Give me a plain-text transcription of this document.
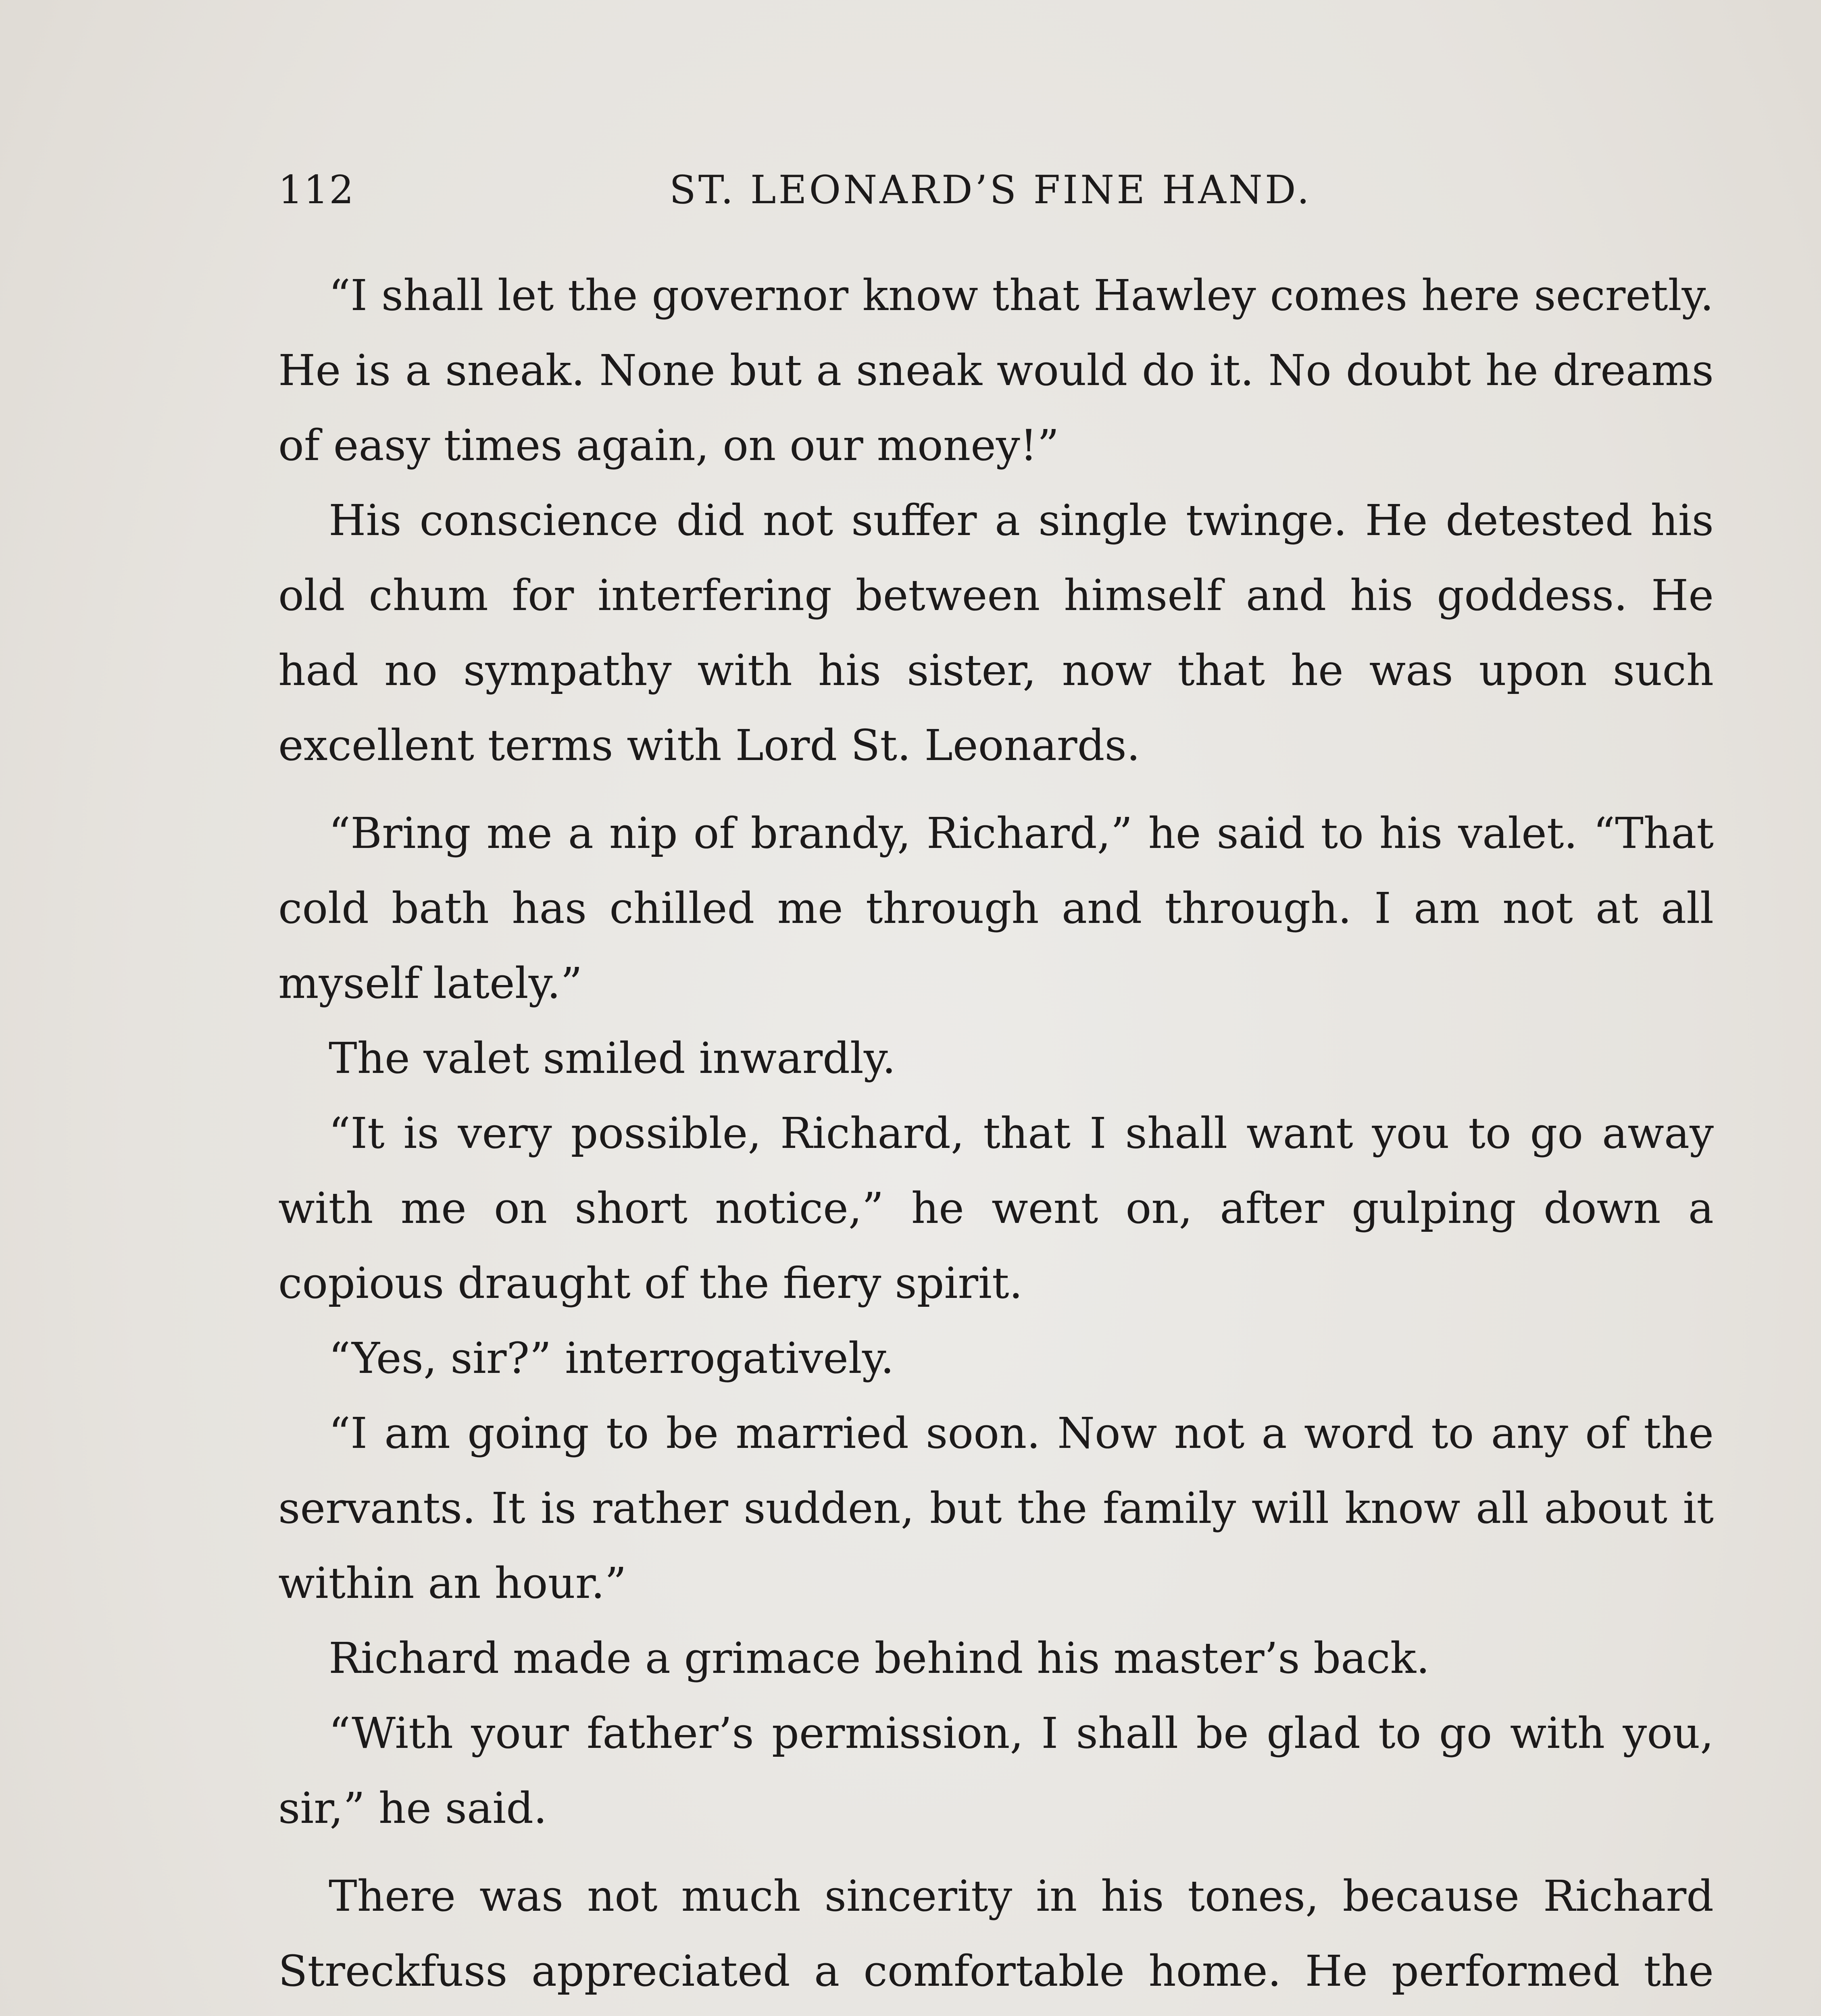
112	ST. LEONARD’S FINE HAND.

“I shall let the governor know that Hawley comes here secretly. He is a sneak. None but a sneak would do it. No doubt he dreams of easy times again, on our money!”

His conscience did not suffer a single twinge. He detested his old chum for interfering between himself and his goddess. He had no sympathy with his sister, now that he was upon such excellent terms with Lord St. Leonards.

“Bring me a nip of brandy, Richard,” he said to his valet. “That cold bath has chilled me through and through. I am not at all myself lately.”

The valet smiled inwardly.

“It is very possible, Richard, that I shall want you to go away with me on short notice,” he went on, after gulping down a copious draught of the fiery spirit.

“Yes, sir?” interrogatively.

“I am going to be married soon. Now not a word to any of the servants. It is rather sudden, but the family will know all about it within an hour.”

Richard made a grimace behind his master’s back.

“With your father’s permission, I shall be glad to go with you, sir,” he said.

There was not much sincerity in his tones, because Richard Streckfuss appreciated a comfortable home. He performed the
